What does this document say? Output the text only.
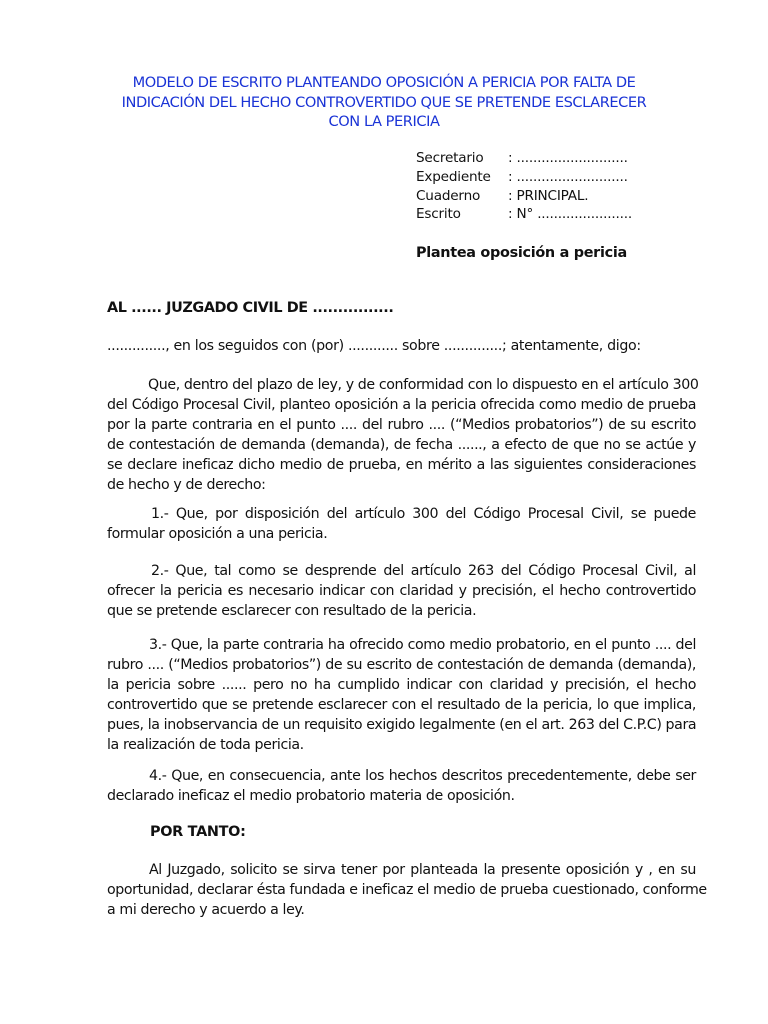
MODELO DE ESCRITO PLANTEANDO OPOSICIÓN A PERICIA POR FALTA DE
INDICACIÓN DEL HECHO CONTROVERTIDO QUE SE PRETENDE ESCLARECER
CON LA PERICIA
Secretario	: ...........................
Expediente	: ...........................
Cuaderno	: PRINCIPAL.
Escrito	: N° .......................
Plantea oposición a pericia
AL ...... JUZGADO CIVIL DE ................
.............., en los seguidos con (por) ............ sobre ..............; atentamente, digo:
Que, dentro del plazo de ley, y de conformidad con lo dispuesto en el artículo 300
del Código Procesal Civil, planteo oposición a la pericia ofrecida como medio de prueba
por la parte contraria en el punto .... del rubro .... (“Medios probatorios”) de su escrito
de contestación de demanda (demanda), de fecha ......, a efecto de que no se actúe y
se declare ineficaz dicho medio de prueba, en mérito a las siguientes consideraciones
de hecho y de derecho:
1.- Que, por disposición del artículo 300 del Código Procesal Civil, se puede
formular oposición a una pericia.
2.- Que, tal como se desprende del artículo 263 del Código Procesal Civil, al
ofrecer la pericia es necesario indicar con claridad y precisión, el hecho controvertido
que se pretende esclarecer con resultado de la pericia.
3.- Que, la parte contraria ha ofrecido como medio probatorio, en el punto .... del
rubro .... (“Medios probatorios”) de su escrito de contestación de demanda (demanda),
la pericia sobre ...... pero no ha cumplido indicar con claridad y precisión, el hecho
controvertido que se pretende esclarecer con el resultado de la pericia, lo que implica,
pues, la inobservancia de un requisito exigido legalmente (en el art. 263 del C.P.C) para
la realización de toda pericia.
4.- Que, en consecuencia, ante los hechos descritos precedentemente, debe ser
declarado ineficaz el medio probatorio materia de oposición.
POR TANTO:
Al Juzgado, solicito se sirva tener por planteada la presente oposición y , en su
oportunidad, declarar ésta fundada e ineficaz el medio de prueba cuestionado, conforme
a mi derecho y acuerdo a ley.
